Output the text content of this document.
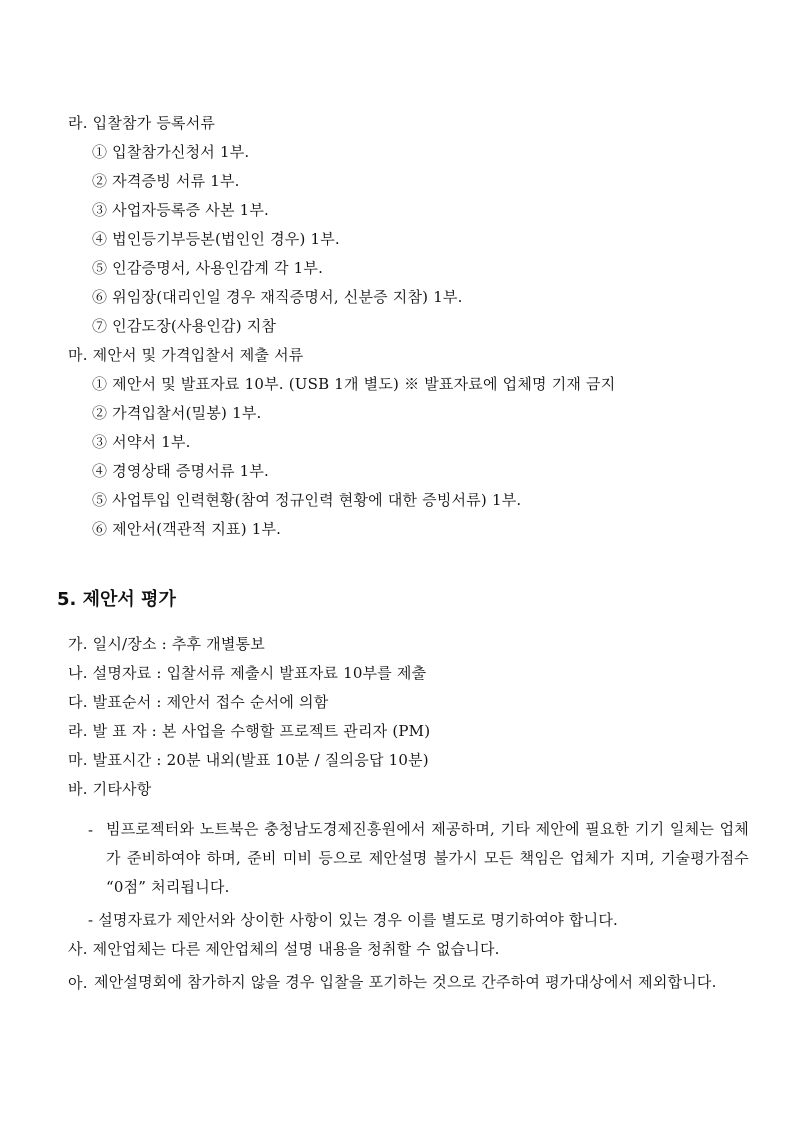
라. 입찰참가 등록서류
① 입찰참가신청서 1부.
② 자격증빙 서류 1부.
③ 사업자등록증 사본 1부.
④ 법인등기부등본(법인인 경우) 1부.
⑤ 인감증명서, 사용인감계 각 1부.
⑥ 위임장(대리인일 경우 재직증명서, 신분증 지참) 1부.
⑦ 인감도장(사용인감) 지참
마. 제안서 및 가격입찰서 제출 서류
① 제안서 및 발표자료 10부. (USB 1개 별도) ※ 발표자료에 업체명 기재 금지
② 가격입찰서(밀봉) 1부.
③ 서약서 1부.
④ 경영상태 증명서류 1부.
⑤ 사업투입 인력현황(참여 정규인력 현황에 대한 증빙서류) 1부.
⑥ 제안서(객관적 지표) 1부.
5. 제안서 평가
가. 일시/장소 : 추후 개별통보
나. 설명자료 : 입찰서류 제출시 발표자료 10부를 제출
다. 발표순서 : 제안서 접수 순서에 의함
라. 발 표 자 : 본 사업을 수행할 프로젝트 관리자 (PM)
마. 발표시간 : 20분 내외(발표 10분 / 질의응답 10분)
바. 기타사항
- 빔프로젝터와 노트북은 충청남도경제진흥원에서 제공하며, 기타 제안에 필요한 기기 일체는 업체가 준비하여야 하며, 준비 미비 등으로 제안설명 불가시 모든 책임은 업체가 지며, 기술평가점수 “0점” 처리됩니다.
- 설명자료가 제안서와 상이한 사항이 있는 경우 이를 별도로 명기하여야 합니다.
사. 제안업체는 다른 제안업체의 설명 내용을 청취할 수 없습니다.
아. 제안설명회에 참가하지 않을 경우 입찰을 포기하는 것으로 간주하여 평가대상에서 제외합니다.
